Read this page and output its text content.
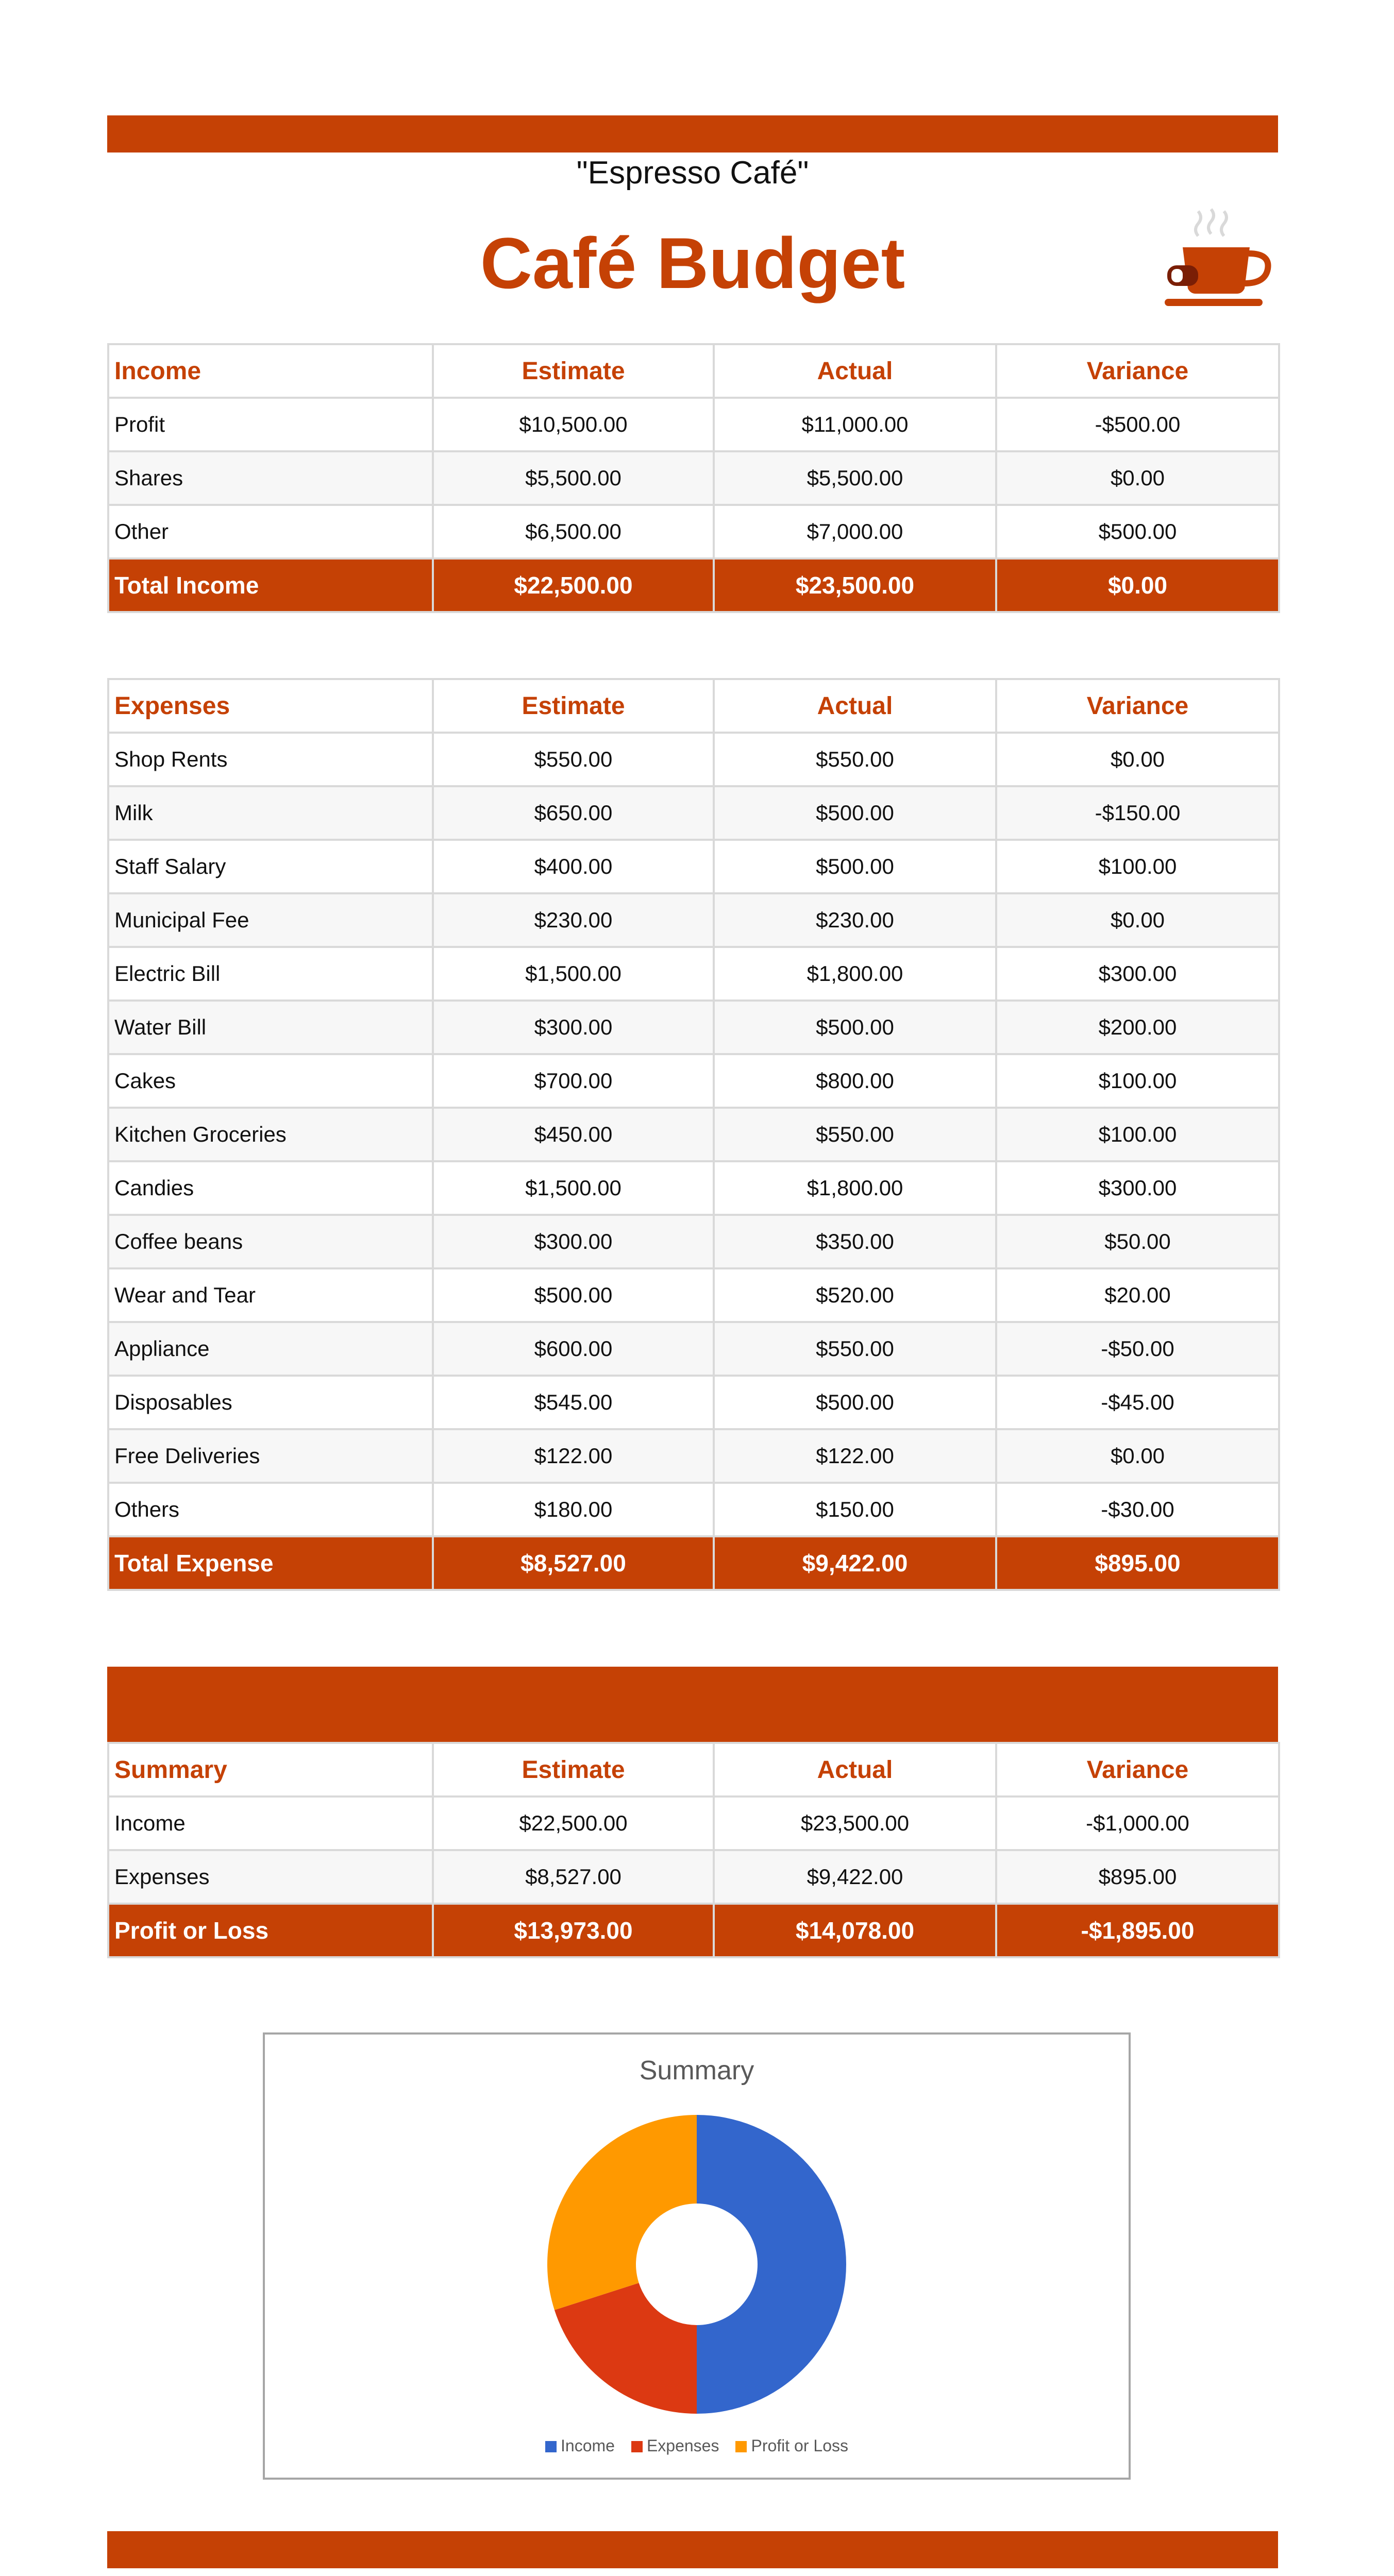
"Espresso Café"
Café Budget
Income	Estimate	Actual	Variance
Profit	$10,500.00	$11,000.00	-$500.00
Shares	$5,500.00	$5,500.00	$0.00
Other	$6,500.00	$7,000.00	$500.00
Total Income	$22,500.00	$23,500.00	$0.00
Expenses	Estimate	Actual	Variance
Shop Rents	$550.00	$550.00	$0.00
Milk	$650.00	$500.00	-$150.00
Staff Salary	$400.00	$500.00	$100.00
Municipal Fee	$230.00	$230.00	$0.00
Electric Bill	$1,500.00	$1,800.00	$300.00
Water Bill	$300.00	$500.00	$200.00
Cakes	$700.00	$800.00	$100.00
Kitchen Groceries	$450.00	$550.00	$100.00
Candies	$1,500.00	$1,800.00	$300.00
Coffee beans	$300.00	$350.00	$50.00
Wear and Tear	$500.00	$520.00	$20.00
Appliance	$600.00	$550.00	-$50.00
Disposables	$545.00	$500.00	-$45.00
Free Deliveries	$122.00	$122.00	$0.00
Others	$180.00	$150.00	-$30.00
Total Expense	$8,527.00	$9,422.00	$895.00
Summary	Estimate	Actual	Variance
Income	$22,500.00	$23,500.00	-$1,000.00
Expenses	$8,527.00	$9,422.00	$895.00
Profit or Loss	$13,973.00	$14,078.00	-$1,895.00
Summary
Income Expenses Profit or Loss
